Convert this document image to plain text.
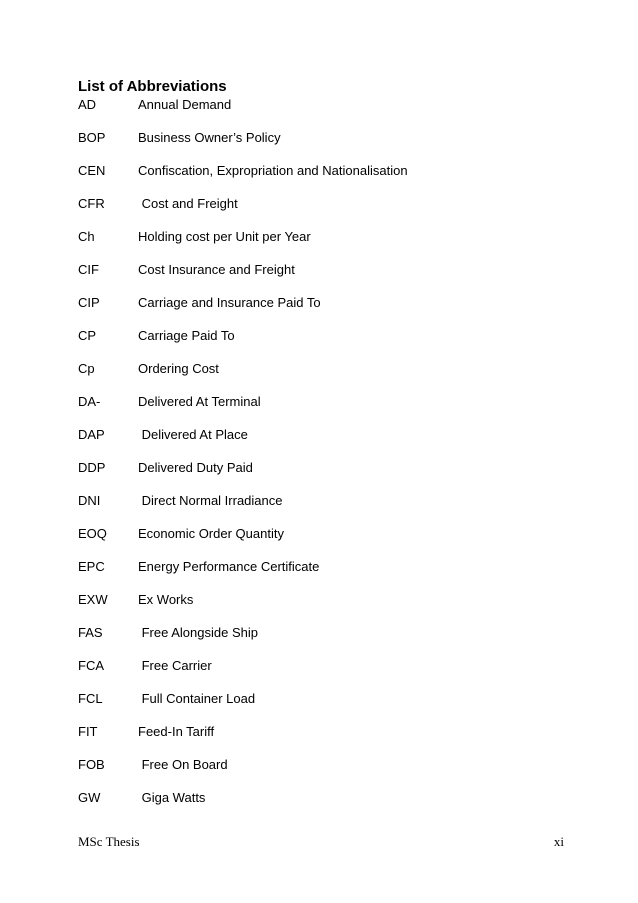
List of Abbreviations
AD	Annual Demand
BOP	Business Owner’s Policy
CEN	Confiscation, Expropriation and Nationalisation
CFR	Cost and Freight
Ch	Holding cost per Unit per Year
CIF	Cost Insurance and Freight
CIP	Carriage and Insurance Paid To
CP	Carriage Paid To
Cp	Ordering Cost
DA-	Delivered At Terminal
DAP	Delivered At Place
DDP	Delivered Duty Paid
DNI	Direct Normal Irradiance
EOQ Economic Order Quantity
EPC	Energy Performance Certificate
EXW Ex Works
FAS	Free Alongside Ship
FCA	Free Carrier
FCL	Full Container Load
FIT	Feed-In Tariff
FOB	Free On Board
GW	Giga Watts
MSc Thesis	xi
